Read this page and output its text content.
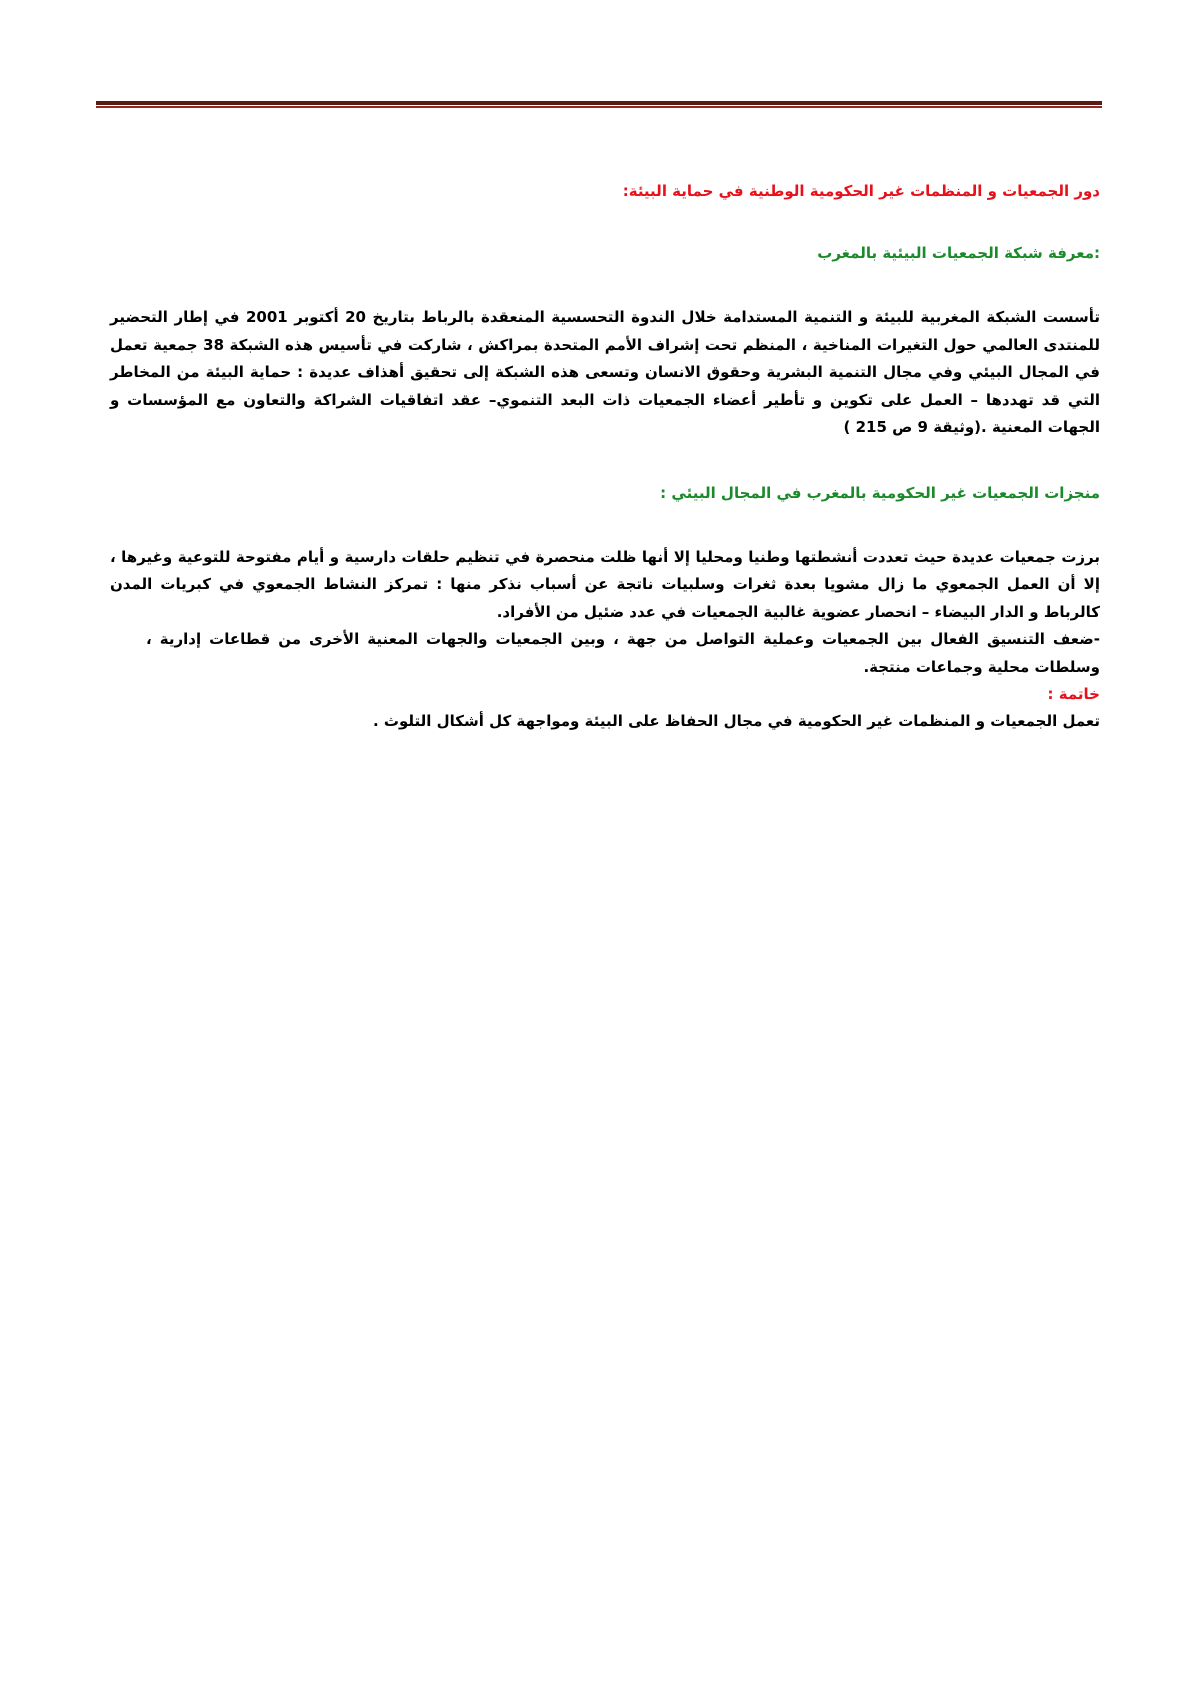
دور الجمعيات و المنظمات غير الحكومية الوطنية في حماية البيئة:

:معرفة شبكة الجمعيات البيئية بالمغرب

تأسست الشبكة المغربية للبيئة و التنمية المستدامة خلال الندوة التحسسية المنعقدة بالرباط بتاريخ 20 أكتوبر 2001 في إطار التحضير للمنتدى العالمي حول التغيرات المناخية ، المنظم تحت إشراف الأمم المتحدة بمراكش ، شاركت في تأسيس هذه الشبكة 38 جمعية تعمل في المجال البيئي وفي مجال التنمية البشرية وحقوق الانسان وتسعى هذه الشبكة إلى تحقيق أهذاف عديدة : حماية البيئة من المخاطر التي قد تهددها – العمل على تكوين و تأطير أعضاء الجمعيات ذات البعد التنموي– عقد اتفاقيات الشراكة والتعاون مع المؤسسات و الجهات المعنية .(وثيقة 9 ص 215 )

منجزات الجمعيات غير الحكومية بالمغرب في المجال البيئي :

برزت جمعيات عديدة حيث تعددت أنشطتها وطنيا ومحليا إلا أنها ظلت منحصرة في تنظيم حلقات دارسية و أيام مفتوحة للتوعية وغيرها ، إلا أن العمل الجمعوي ما زال مشويا بعدة ثغرات وسلبيات ناتجة عن أسباب نذكر منها : تمركز النشاط الجمعوي في كبريات المدن كالرباط و الدار البيضاء – انحصار عضوية غالبية الجمعيات في عدد ضئيل من الأفراد.

-ضعف التنسيق الفعال بين الجمعيات وعملية التواصل من جهة ، وبين الجمعيات والجهات المعنية الأخرى من قطاعات إدارية ، وسلطات محلية وجماعات منتجة.

خاتمة :

تعمل الجمعيات و المنظمات غير الحكومية في مجال الحفاظ على البيئة ومواجهة كل أشكال التلوث .
